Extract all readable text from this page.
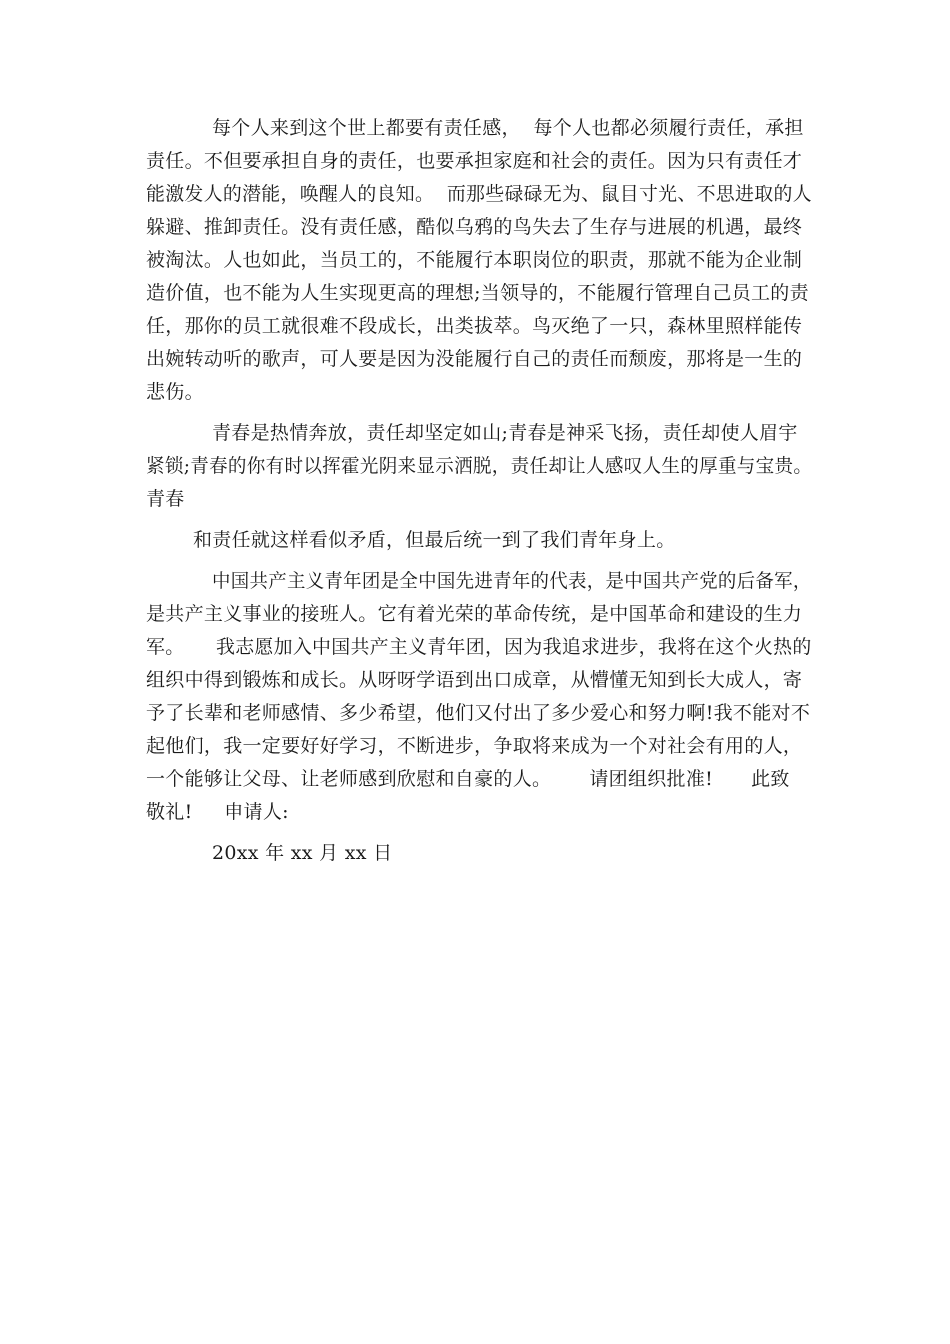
每个人来到这个世上都要有责任感，  每个人也都必须履行责任，承担
责任。不但要承担自身的责任，也要承担家庭和社会的责任。因为只有责任才
能激发人的潜能，唤醒人的良知。  而那些碌碌无为、鼠目寸光、不思进取的人
躲避、推卸责任。没有责任感，酷似乌鸦的鸟失去了生存与进展的机遇，最终
被淘汰。人也如此，当员工的，不能履行本职岗位的职责，那就不能为企业制
造价值，也不能为人生实现更高的理想;当领导的，不能履行管理自己员工的责
任，那你的员工就很难不段成长，出类拔萃。鸟灭绝了一只，森林里照样能传
出婉转动听的歌声，可人要是因为没能履行自己的责任而颓废，那将是一生的
悲伤。
青春是热情奔放，责任却坚定如山;青春是神采飞扬，责任却使人眉宇
紧锁;青春的你有时以挥霍光阴来显示洒脱，责任却让人感叹人生的厚重与宝贵。
青春
和责任就这样看似矛盾，但最后统一到了我们青年身上。
中国共产主义青年团是全中国先进青年的代表，是中国共产党的后备军，
是共产主义事业的接班人。它有着光荣的革命传统，是中国革命和建设的生力
军。     我志愿加入中国共产主义青年团，因为我追求进步，我将在这个火热的
组织中得到锻炼和成长。从呀呀学语到出口成章，从懵懂无知到长大成人，寄
予了长辈和老师感情、多少希望，他们又付出了多少爱心和努力啊!我不能对不
起他们，我一定要好好学习，不断进步，争取将来成为一个对社会有用的人，
一个能够让父母、让老师感到欣慰和自豪的人。      请团组织批准!      此致
敬礼!     申请人:
20xx 年 xx 月 xx 日
